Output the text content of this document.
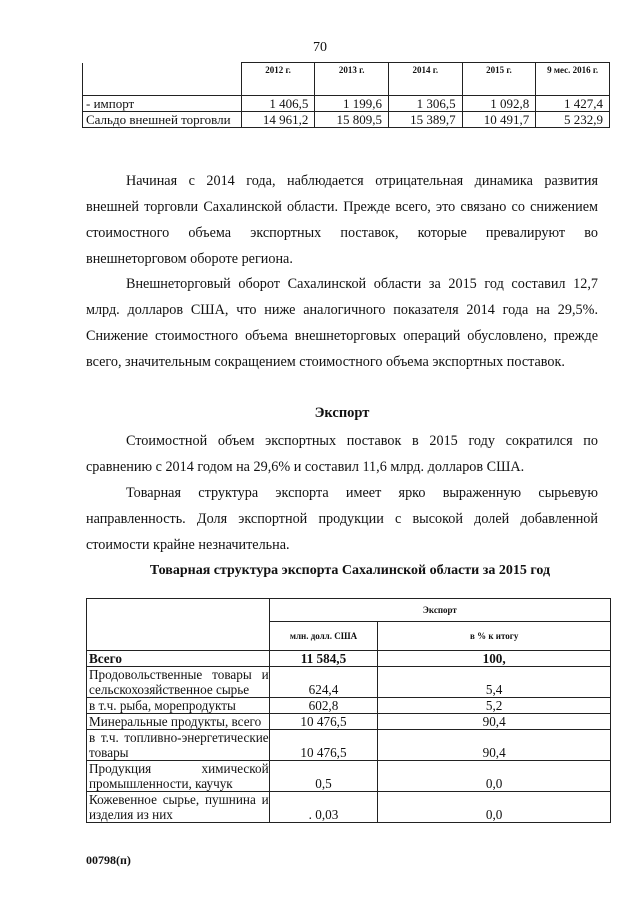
70
	2012 г.	2013 г.	2014 г.	2015 г.	9 мес. 2016 г.
- импорт	1 406,5	1 199,6	1 306,5	1 092,8	1 427,4
Сальдо внешней торговли	14 961,2	15 809,5	15 389,7	10 491,7	5 232,9

Начиная с 2014 года, наблюдается отрицательная динамика развития внешней торговли Сахалинской области. Прежде всего, это связано со снижением стоимостного объема экспортных поставок, которые превалируют во внешнеторговом обороте региона.

Внешнеторговый оборот Сахалинской области за 2015 год составил 12,7 млрд. долларов США, что ниже аналогичного показателя 2014 года на 29,5%. Снижение стоимостного объема внешнеторговых операций обусловлено, прежде всего, значительным сокращением стоимостного объема экспортных поставок.

Экспорт

Стоимостной объем экспортных поставок в 2015 году сократился по сравнению с 2014 годом на 29,6% и составил 11,6 млрд. долларов США.

Товарная структура экспорта имеет ярко выраженную сырьевую направленность. Доля экспортной продукции с высокой долей добавленной стоимости крайне незначительна.

Товарная структура экспорта Сахалинской области за 2015 год
	Экспорт	
	млн. долл. США	в % к итогу
Всего	11 584,5	100,
Продовольственные товары и сельскохозяйственное сырье	624,4	5,4
в т.ч. рыба, морепродукты	602,8	5,2
Минеральные продукты, всего	10 476,5	90,4
в т.ч. топливно-энергетические товары	10 476,5	90,4
Продукция химической промышленности, каучук	0,5	0,0
Кожевенное сырье, пушнина и изделия из них	. 0,03	0,0
00798(п)
